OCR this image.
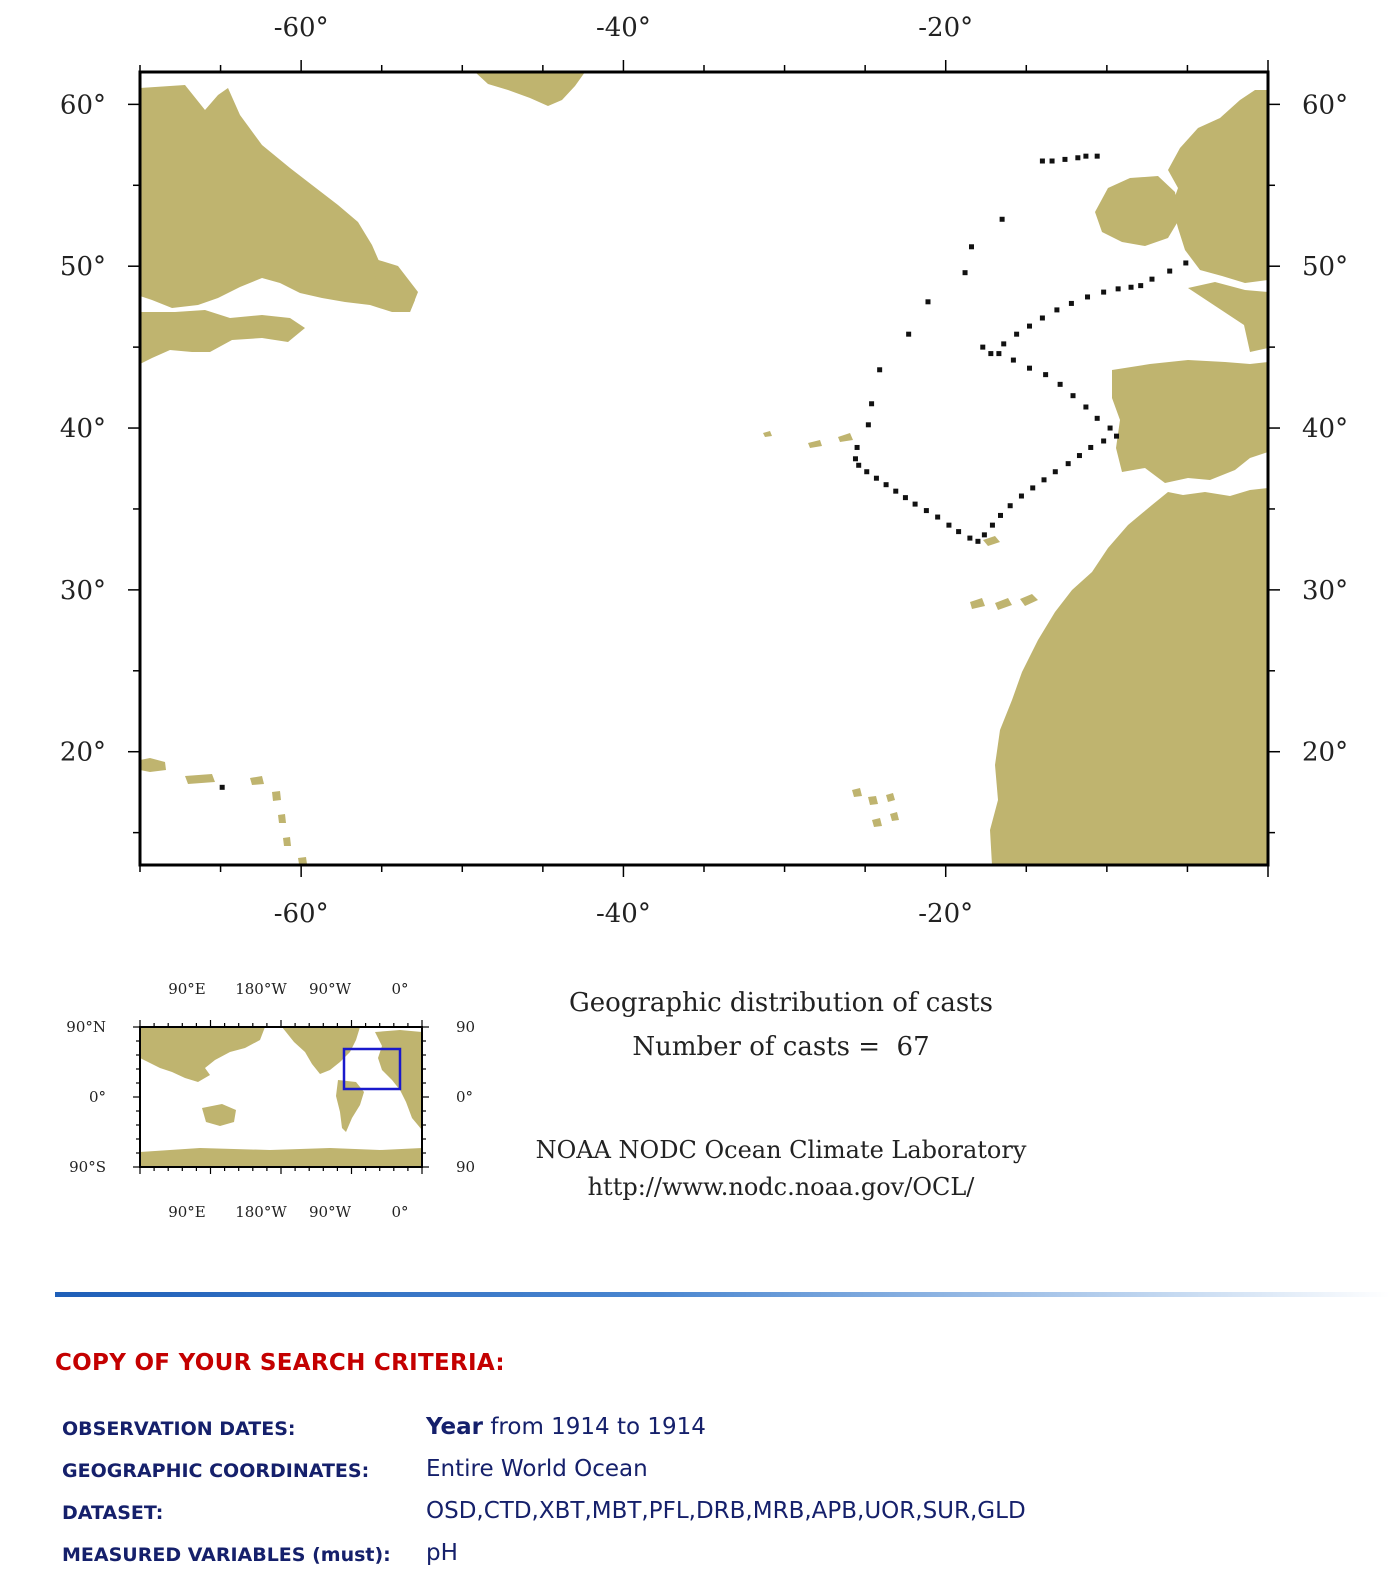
-60°
-60°
-40°
-40°
-20°
-20°
60°	60°
50°	50°
40°	40°
30°	30°
20°	20°
90°E 180°W 90°W	0°
90°E 180°W 90°W	0°
90°N
0°
90°S
90
0°
90
Geographic distribution of casts
Number of casts =  67
NOAA NODC Ocean Climate Laboratory
http://www.nodc.noaa.gov/OCL/
COPY OF YOUR SEARCH CRITERIA:
OBSERVATION DATES:	Year from 1914 to 1914
GEOGRAPHIC COORDINATES: Entire World Ocean
DATASET:	OSD,CTD,XBT,MBT,PFL,DRB,MRB,APB,UOR,SUR,GLD
MEASURED VARIABLES (must): pH
